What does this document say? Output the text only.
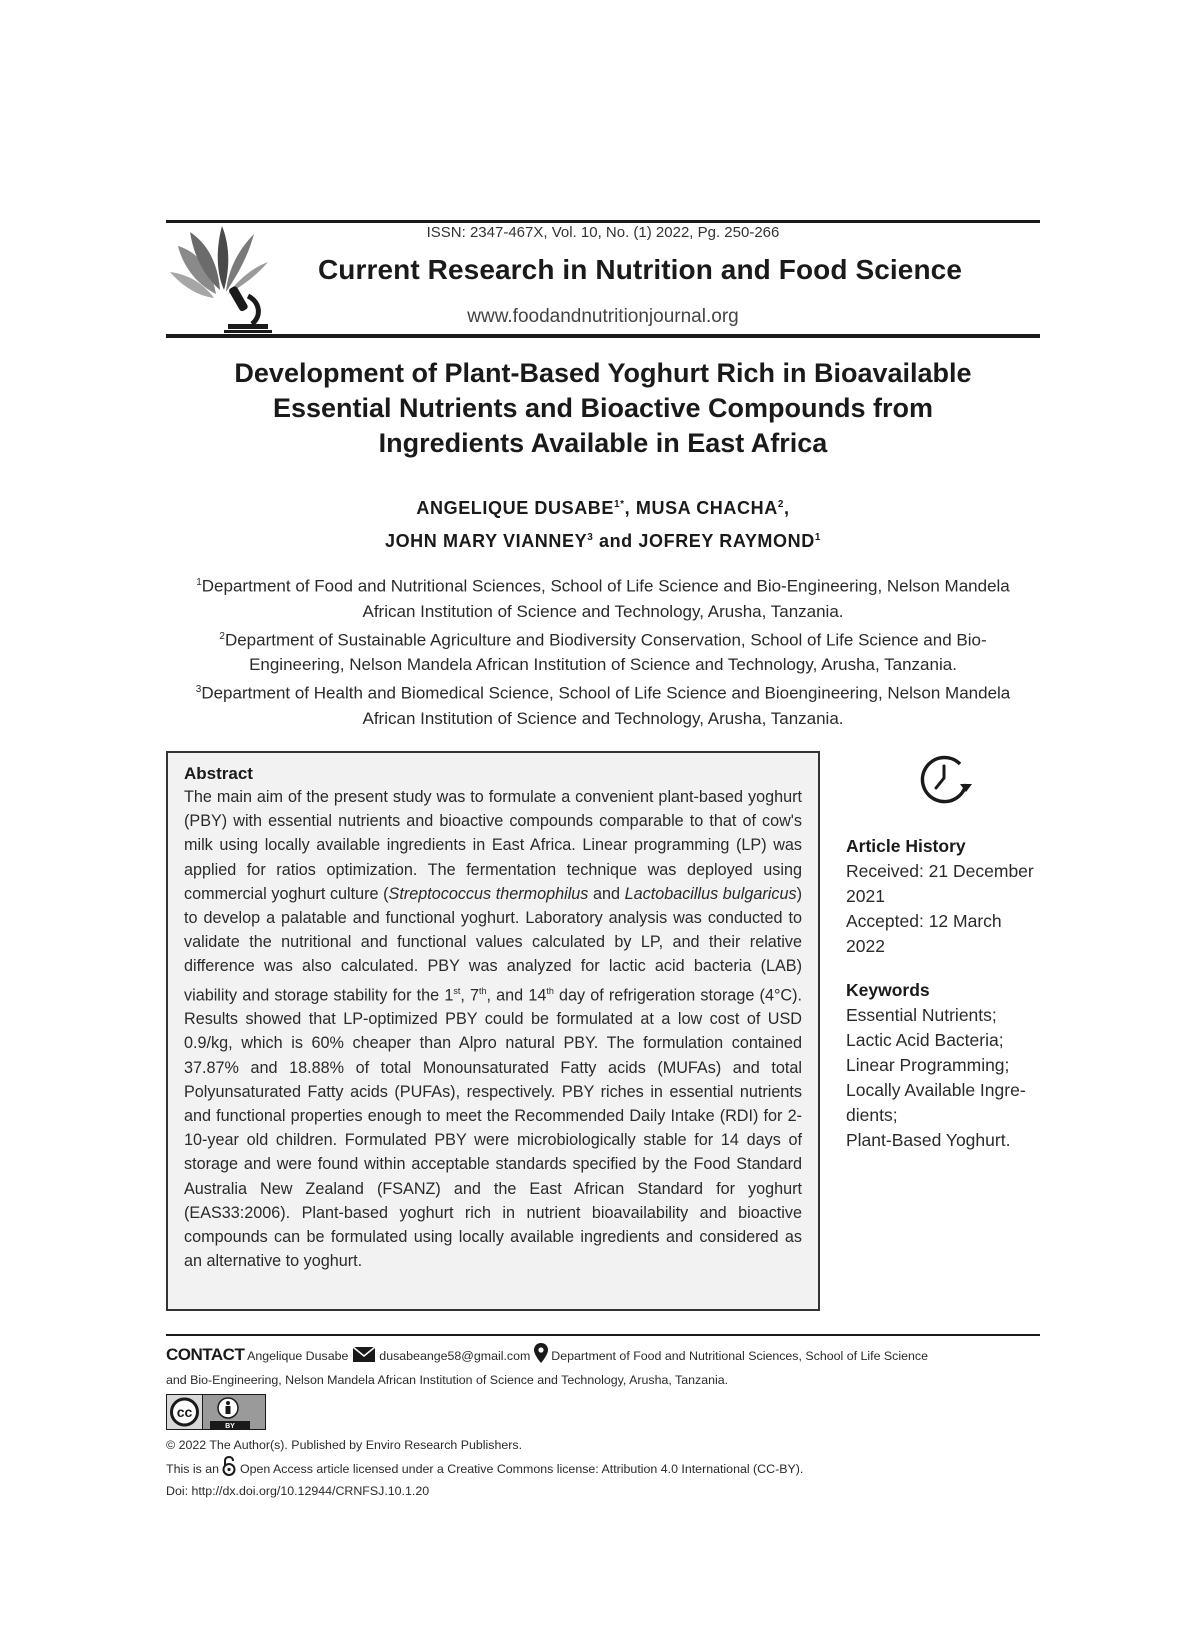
ISSN: 2347-467X, Vol. 10, No. (1) 2022, Pg. 250-266
Current Research in Nutrition and Food Science
www.foodandnutritionjournal.org
Development of Plant-Based Yoghurt Rich in Bioavailable
Essential Nutrients and Bioactive Compounds from
Ingredients Available in East Africa
ANGELIQUE $DUSABE^{1*}$, MUSA CHACHA$^2$,
JOHN MARY VIANNEY$^3$ and JOFREY RAYMOND$^1$
$^1$Department of Food and Nutritional Sciences, School of Life Science and Bio-Engineering, Nelson Mandela African Institution of Science and Technology, Arusha, Tanzania.
$^2$Department of Sustainable Agriculture and Biodiversity Conservation, School of Life Science and Bio-Engineering, Nelson Mandela African Institution of Science and Technology, Arusha, Tanzania.
$^3$Department of Health and Biomedical Science, School of Life Science and Bioengineering, Nelson Mandela African Institution of Science and Technology, Arusha, Tanzania.
Abstract
The main aim of the present study was to formulate a convenient plant-based yoghurt (PBY) with essential nutrients and bioactive compounds comparable to that of cow's milk using locally available ingredients in East Africa. Linear programming (LP) was applied for ratios optimization. The fermentation technique was deployed using commercial yoghurt culture (Streptococcus thermophilus and Lactobacillus bulgaricus) to develop a palatable and functional yoghurt. Laboratory analysis was conducted to validate the nutritional and functional values calculated by LP, and their relative difference was also calculated. PBY was analyzed for lactic acid bacteria (LAB) viability and storage stability for the 1st, 7th, and 14th day of refrigeration storage (4°C). Results showed that LP-optimized PBY could be formulated at a low cost of USD 0.9/kg, which is 60% cheaper than Alpro natural PBY. The formulation contained 37.87% and 18.88% of total Monounsaturated Fatty acids (MUFAs) and total Polyunsaturated Fatty acids (PUFAs), respectively. PBY riches in essential nutrients and functional properties enough to meet the Recommended Daily Intake (RDI) for 2-10-year old children. Formulated PBY were microbiologically stable for 14 days of storage and were found within acceptable standards specified by the Food Standard Australia New Zealand (FSANZ) and the East African Standard for yoghurt (EAS33:2006). Plant-based yoghurt rich in nutrient bioavailability and bioactive compounds can be formulated using locally available ingredients and considered as an alternative to yoghurt.
Article History
Received: 21 December
2021
Accepted: 12 March
2022
Keywords
Essential Nutrients;
Lactic Acid Bacteria;
Linear Programming;
Locally Available Ingre-
dients;
Plant-Based Yoghurt.
CONTACT Angelique Dusabe dusabeange58@gmail.com Department of Food and Nutritional Sciences, School of Life Science
and Bio-Engineering, Nelson Mandela African Institution of Science and Technology, Arusha, Tanzania.
cc
BY
© 2022 The Author(s). Published by Enviro Research Publishers.
This is an Open Access article licensed under a Creative Commons license: Attribution 4.0 International (CC-BY).
Doi: http://dx.doi.org/10.12944/CRNFSJ.10.1.20
